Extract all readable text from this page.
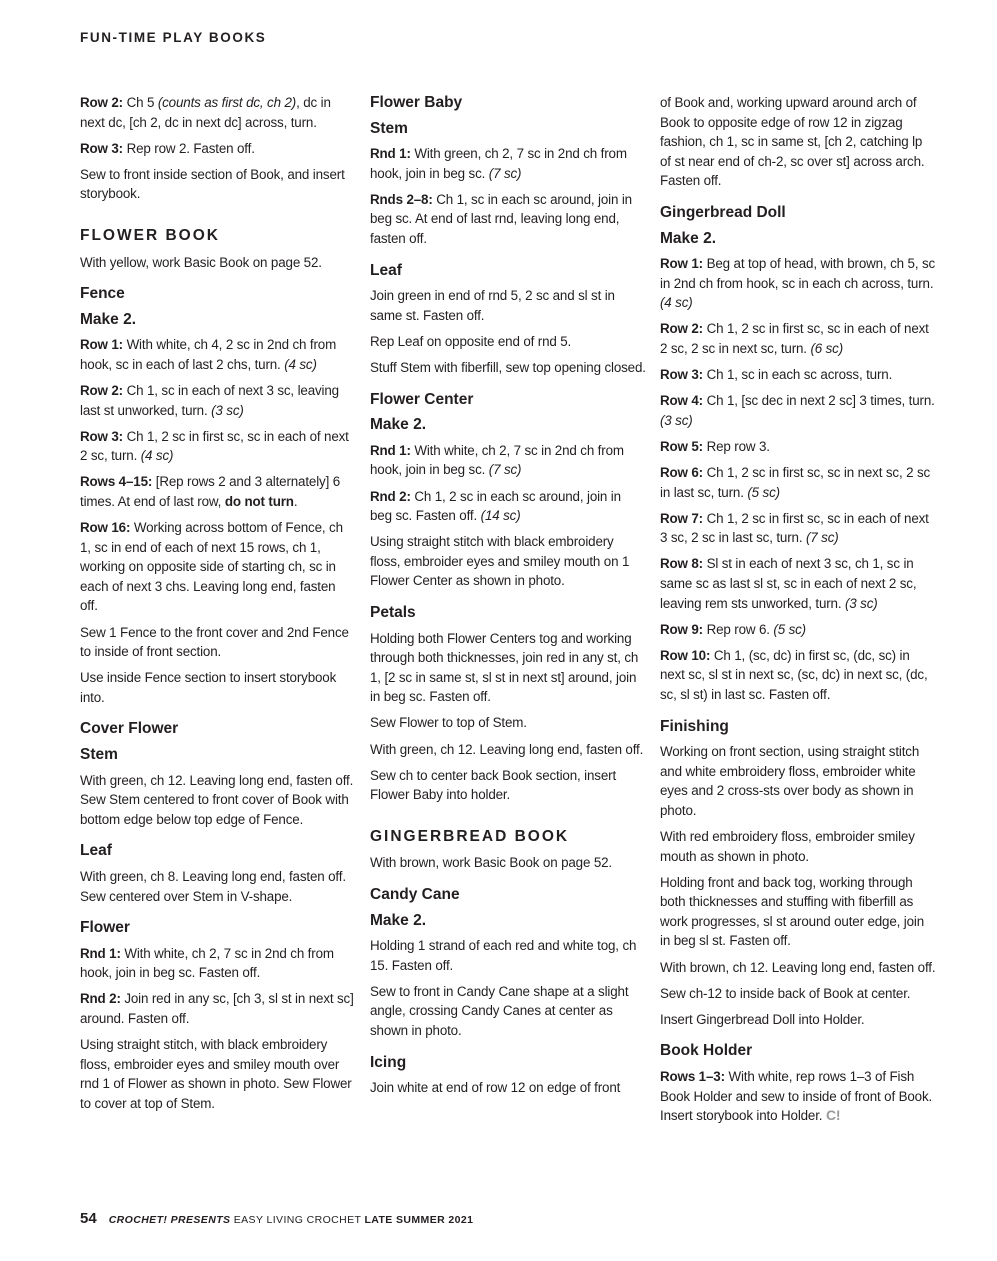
FUN-TIME PLAY BOOKS

Row 2: Ch 5 (counts as first dc, ch 2), dc in next dc, [ch 2, dc in next dc] across, turn.

Row 3: Rep row 2. Fasten off.

Sew to front inside section of Book, and insert storybook.

FLOWER BOOK

With yellow, work Basic Book on page 52.

Fence
Make 2.

Row 1: With white, ch 4, 2 sc in 2nd ch from hook, sc in each of last 2 chs, turn. (4 sc)

Row 2: Ch 1, sc in each of next 3 sc, leaving last st unworked, turn. (3 sc)

Row 3: Ch 1, 2 sc in first sc, sc in each of next 2 sc, turn. (4 sc)

Rows 4–15: [Rep rows 2 and 3 alternately] 6 times. At end of last row, do not turn.

Row 16: Working across bottom of Fence, ch 1, sc in end of each of next 15 rows, ch 1, working on opposite side of starting ch, sc in each of next 3 chs. Leaving long end, fasten off.

Sew 1 Fence to the front cover and 2nd Fence to inside of front section.

Use inside Fence section to insert storybook into.

Cover Flower
Stem

With green, ch 12. Leaving long end, fasten off. Sew Stem centered to front cover of Book with bottom edge below top edge of Fence.

Leaf

With green, ch 8. Leaving long end, fasten off. Sew centered over Stem in V-shape.

Flower

Rnd 1: With white, ch 2, 7 sc in 2nd ch from hook, join in beg sc. Fasten off.

Rnd 2: Join red in any sc, [ch 3, sl st in next sc] around. Fasten off.

Using straight stitch, with black embroidery floss, embroider eyes and smiley mouth over rnd 1 of Flower as shown in photo. Sew Flower to cover at top of Stem.

Flower Baby
Stem

Rnd 1: With green, ch 2, 7 sc in 2nd ch from hook, join in beg sc. (7 sc)

Rnds 2–8: Ch 1, sc in each sc around, join in beg sc. At end of last rnd, leaving long end, fasten off.

Leaf

Join green in end of rnd 5, 2 sc and sl st in same st. Fasten off.

Rep Leaf on opposite end of rnd 5.

Stuff Stem with fiberfill, sew top opening closed.

Flower Center
Make 2.

Rnd 1: With white, ch 2, 7 sc in 2nd ch from hook, join in beg sc. (7 sc)

Rnd 2: Ch 1, 2 sc in each sc around, join in beg sc. Fasten off. (14 sc)

Using straight stitch with black embroidery floss, embroider eyes and smiley mouth on 1 Flower Center as shown in photo.

Petals

Holding both Flower Centers tog and working through both thicknesses, join red in any st, ch 1, [2 sc in same st, sl st in next st] around, join in beg sc. Fasten off.

Sew Flower to top of Stem.

With green, ch 12. Leaving long end, fasten off.

Sew ch to center back Book section, insert Flower Baby into holder.

GINGERBREAD BOOK

With brown, work Basic Book on page 52.

Candy Cane
Make 2.

Holding 1 strand of each red and white tog, ch 15. Fasten off.

Sew to front in Candy Cane shape at a slight angle, crossing Candy Canes at center as shown in photo.

Icing

Join white at end of row 12 on edge of front

of Book and, working upward around arch of Book to opposite edge of row 12 in zigzag fashion, ch 1, sc in same st, [ch 2, catching lp of st near end of ch-2, sc over st] across arch. Fasten off.

Gingerbread Doll
Make 2.

Row 1: Beg at top of head, with brown, ch 5, sc in 2nd ch from hook, sc in each ch across, turn. (4 sc)

Row 2: Ch 1, 2 sc in first sc, sc in each of next 2 sc, 2 sc in next sc, turn. (6 sc)

Row 3: Ch 1, sc in each sc across, turn.

Row 4: Ch 1, [sc dec in next 2 sc] 3 times, turn. (3 sc)

Row 5: Rep row 3.

Row 6: Ch 1, 2 sc in first sc, sc in next sc, 2 sc in last sc, turn. (5 sc)

Row 7: Ch 1, 2 sc in first sc, sc in each of next 3 sc, 2 sc in last sc, turn. (7 sc)

Row 8: Sl st in each of next 3 sc, ch 1, sc in same sc as last sl st, sc in each of next 2 sc, leaving rem sts unworked, turn. (3 sc)

Row 9: Rep row 6. (5 sc)

Row 10: Ch 1, (sc, dc) in first sc, (dc, sc) in next sc, sl st in next sc, (sc, dc) in next sc, (dc, sc, sl st) in last sc. Fasten off.

Finishing

Working on front section, using straight stitch and white embroidery floss, embroider white eyes and 2 cross-sts over body as shown in photo.

With red embroidery floss, embroider smiley mouth as shown in photo.

Holding front and back tog, working through both thicknesses and stuffing with fiberfill as work progresses, sl st around outer edge, join in beg sl st. Fasten off.

With brown, ch 12. Leaving long end, fasten off.

Sew ch-12 to inside back of Book at center.

Insert Gingerbread Doll into Holder.

Book Holder

Rows 1–3: With white, rep rows 1–3 of Fish Book Holder and sew to inside of front of Book. Insert storybook into Holder. C!

54 CROCHET! PRESENTS EASY LIVING CROCHET LATE SUMMER 2021
